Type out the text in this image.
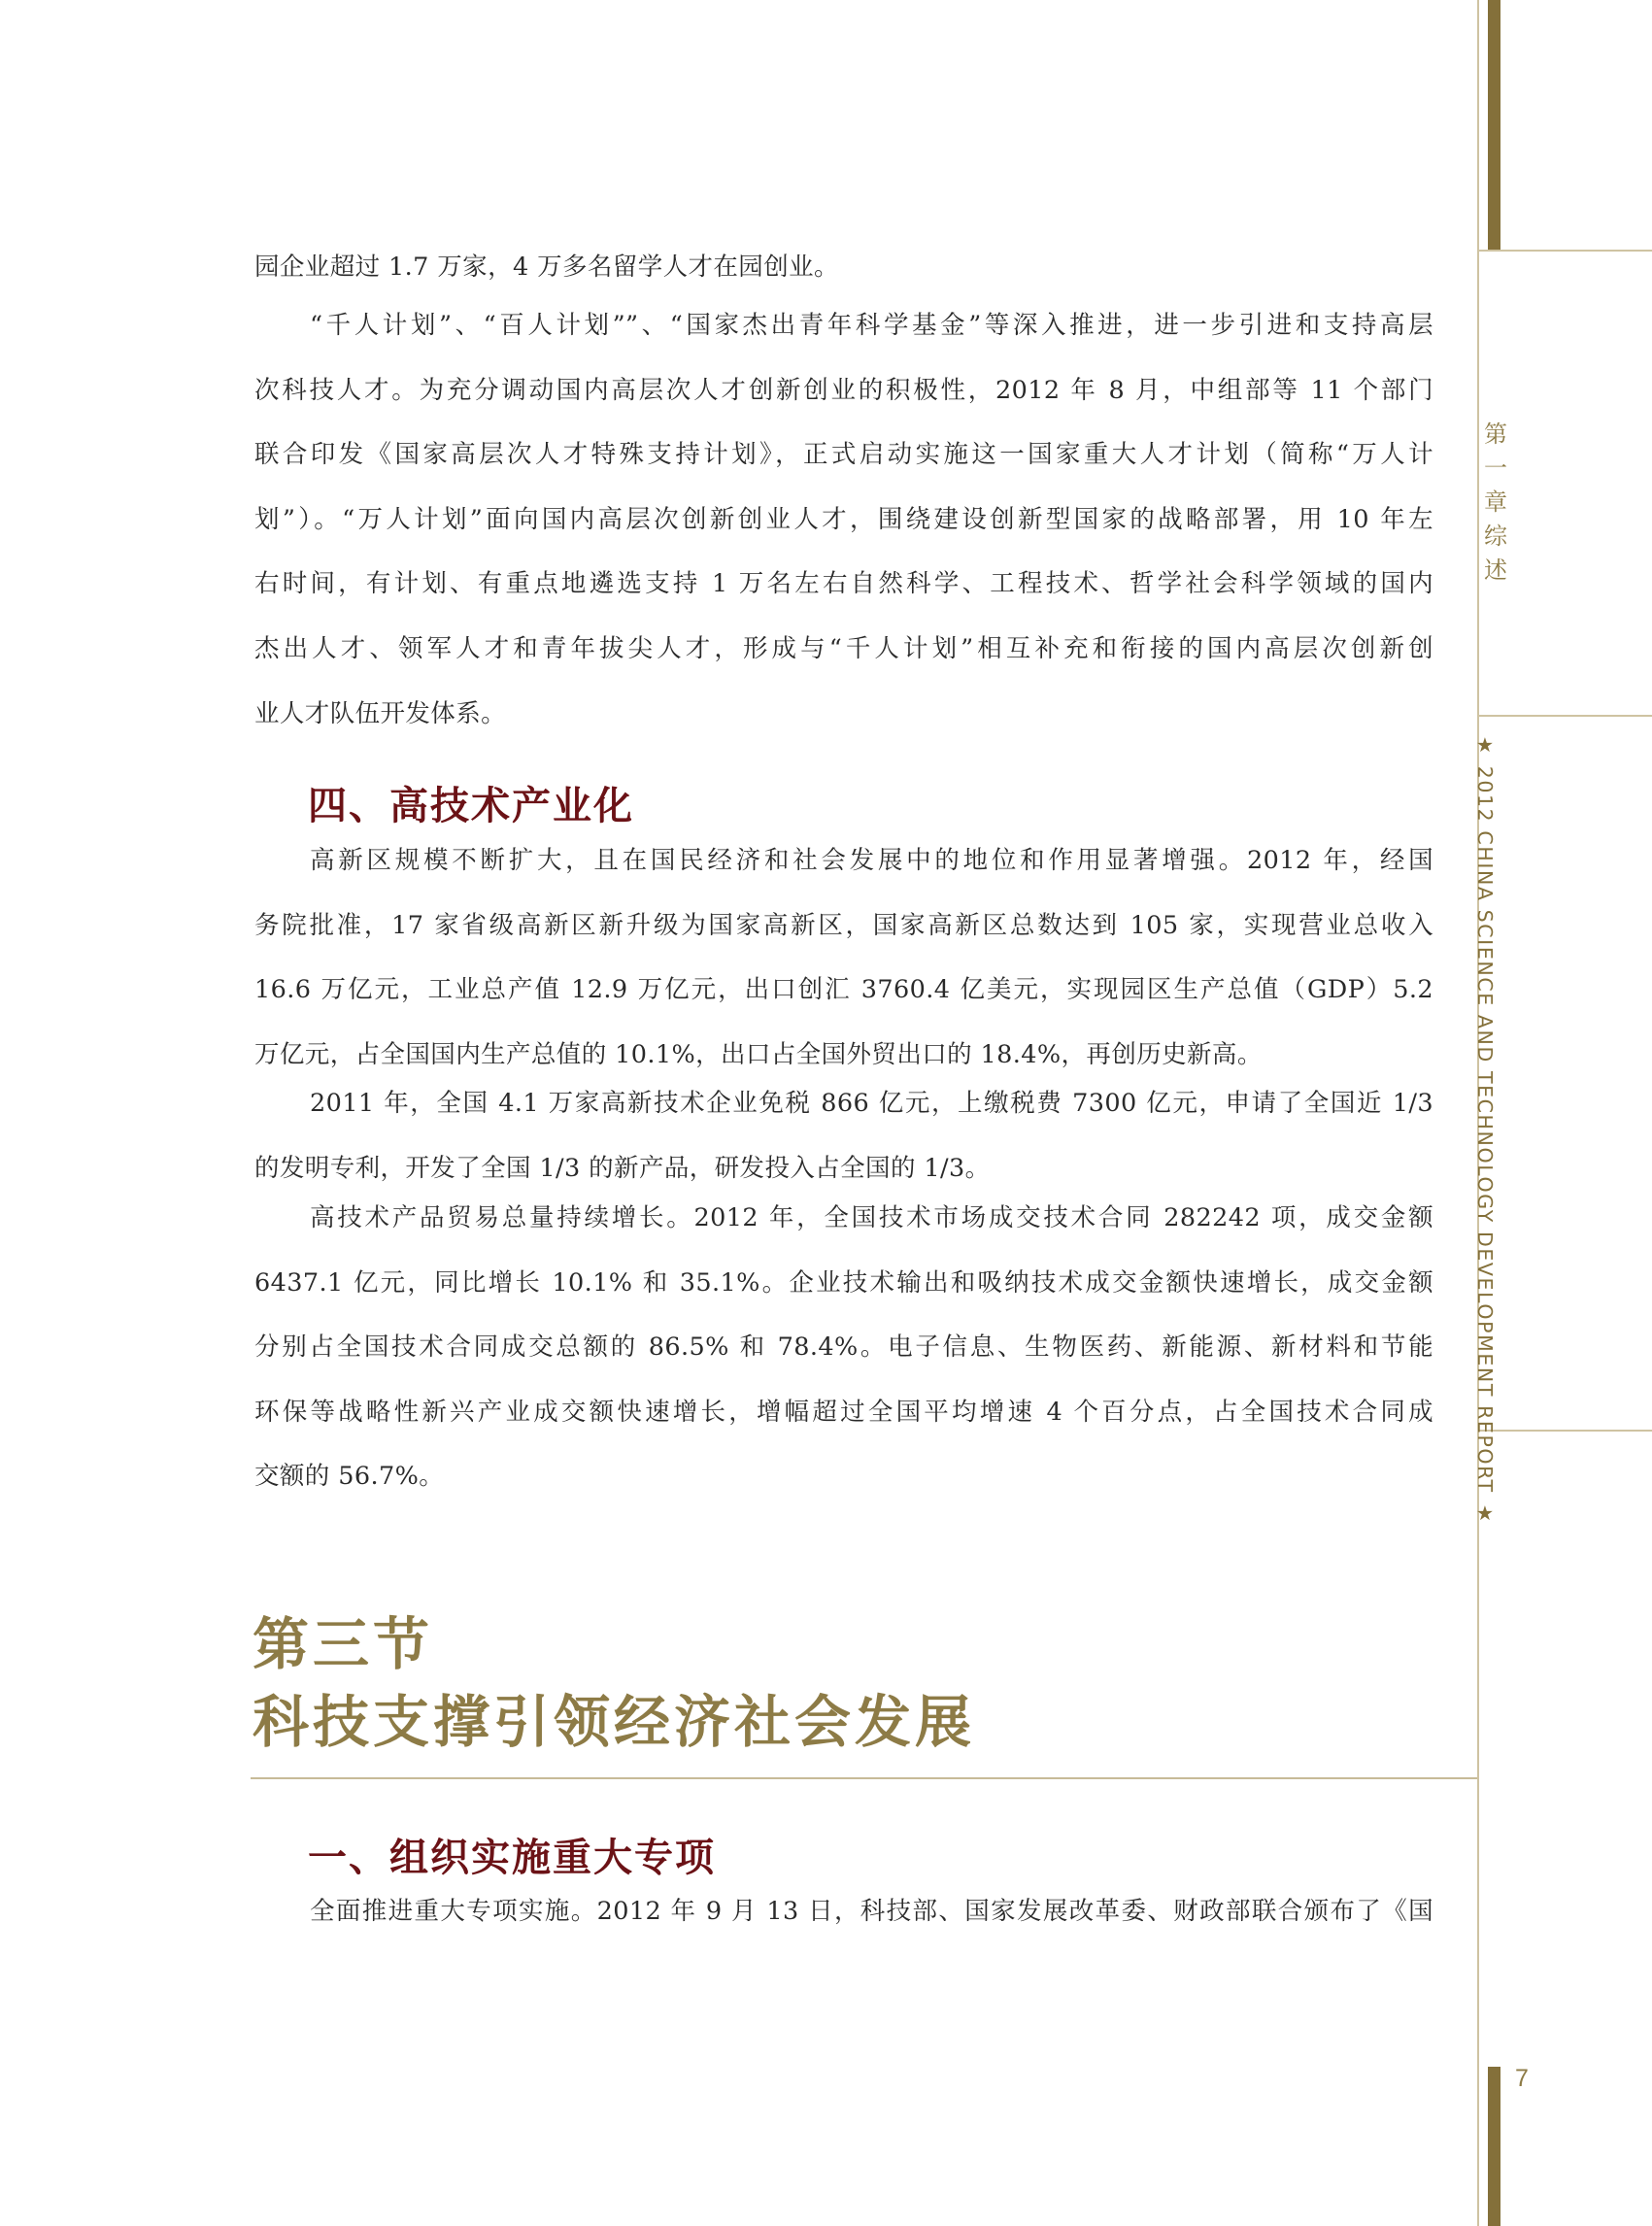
第
一
章
综
述
★ 2012 CHINA SCIENCE AND TECHNOLOGY DEVELOPMENT REPORT ★
园企业超过 1.7 万家，4 万多名留学人才在园创业。
“千人计划”、“百人计划””、“国家杰出青年科学基金”等深入推进，进一步引进和支持高层
次科技人才。为充分调动国内高层次人才创新创业的积极性，2012 年 8 月，中组部等 11 个部门
联合印发《国家高层次人才特殊支持计划》，正式启动实施这一国家重大人才计划（简称“万人计
划”）。“万人计划”面向国内高层次创新创业人才，围绕建设创新型国家的战略部署，用 10 年左
右时间，有计划、有重点地遴选支持 1 万名左右自然科学、工程技术、哲学社会科学领域的国内
杰出人才、领军人才和青年拔尖人才，形成与“千人计划”相互补充和衔接的国内高层次创新创
业人才队伍开发体系。
四、高技术产业化
高新区规模不断扩大，且在国民经济和社会发展中的地位和作用显著增强。2012 年，经国
务院批准，17 家省级高新区新升级为国家高新区，国家高新区总数达到 105 家，实现营业总收入
16.6 万亿元，工业总产值 12.9 万亿元，出口创汇 3760.4 亿美元，实现园区生产总值（GDP）5.2
万亿元，占全国国内生产总值的 10.1%，出口占全国外贸出口的 18.4%，再创历史新高。
2011 年，全国 4.1 万家高新技术企业免税 866 亿元，上缴税费 7300 亿元，申请了全国近 1/3
的发明专利，开发了全国 1/3 的新产品，研发投入占全国的 1/3。
高技术产品贸易总量持续增长。2012 年，全国技术市场成交技术合同 282242 项，成交金额
6437.1 亿元，同比增长 10.1% 和 35.1%。企业技术输出和吸纳技术成交金额快速增长，成交金额
分别占全国技术合同成交总额的 86.5% 和 78.4%。电子信息、生物医药、新能源、新材料和节能
环保等战略性新兴产业成交额快速增长，增幅超过全国平均增速 4 个百分点，占全国技术合同成
交额的 56.7%。
第三节
科技支撑引领经济社会发展
一、组织实施重大专项
全面推进重大专项实施。2012 年 9 月 13 日，科技部、国家发展改革委、财政部联合颁布了《国
7
